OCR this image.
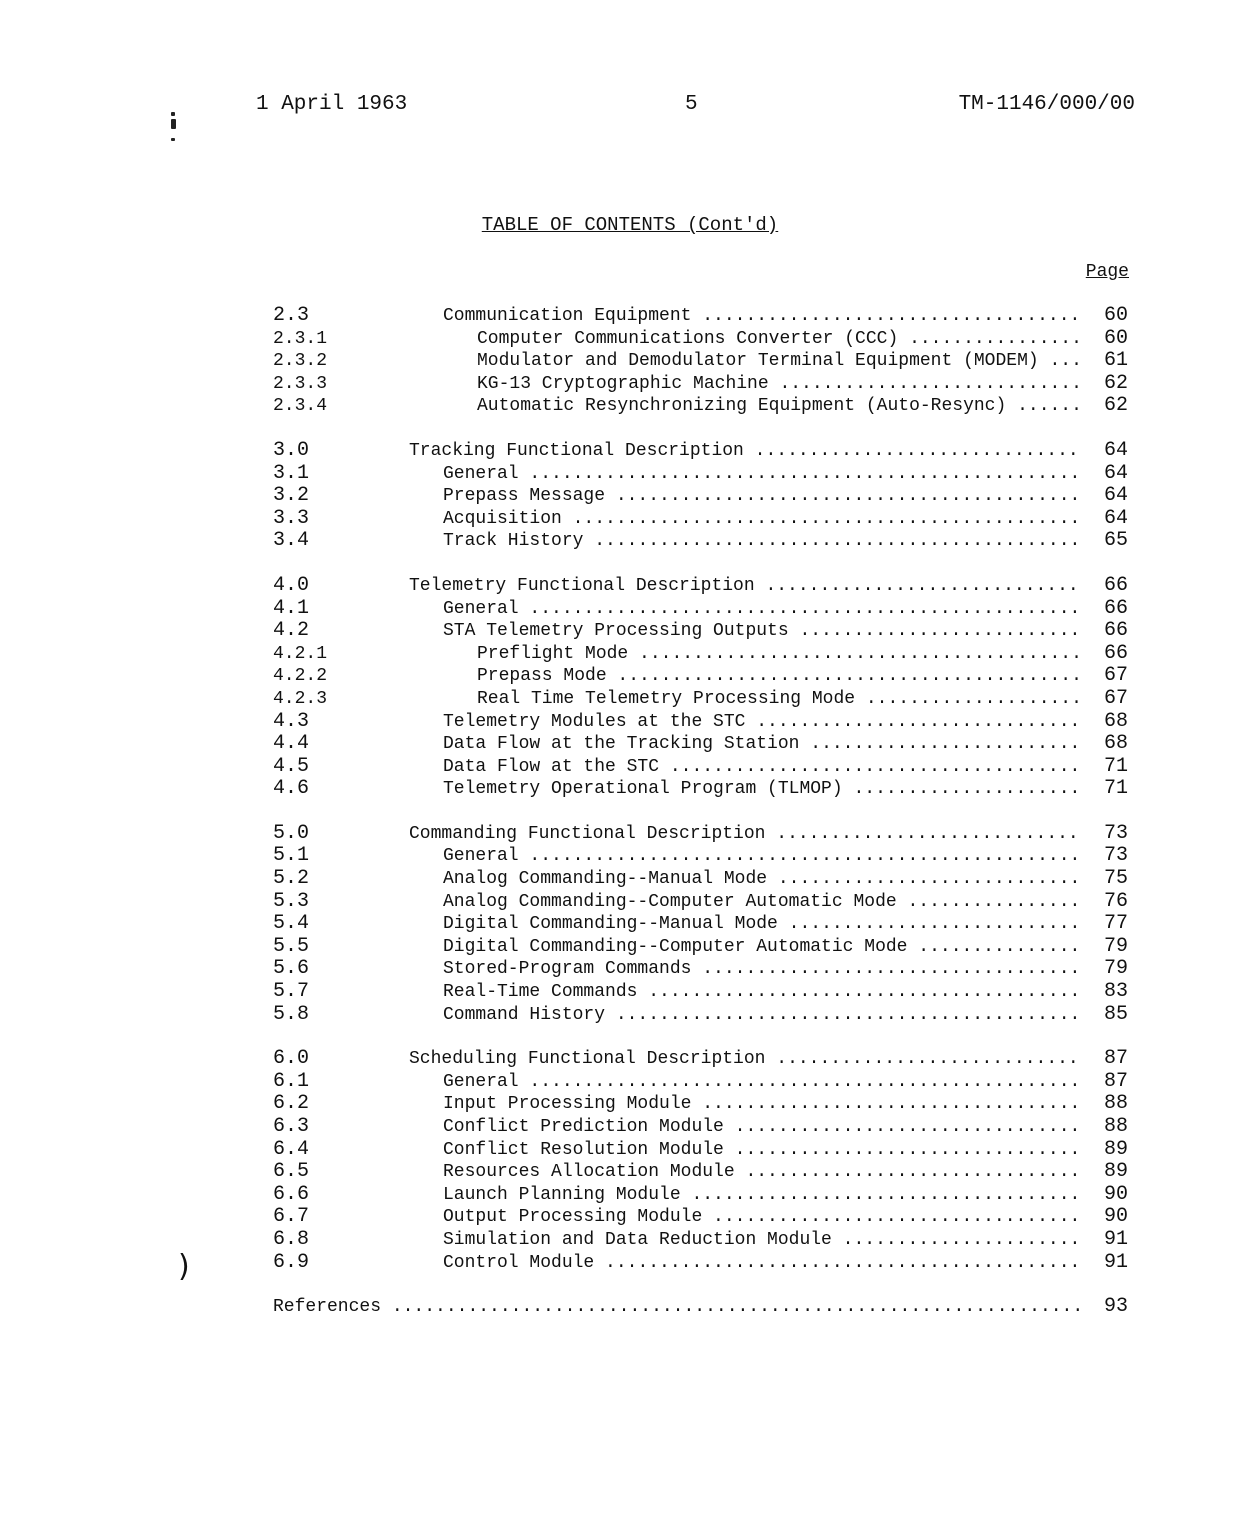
1 April 1963	5	TM-1146/000/00
)
TABLE OF CONTENTS (Cont'd)
Page
2.3	Communication Equipment .....	60
2.3.1	Computer Communications Converter (CCC) .....	60
2.3.2	Modulator and Demodulator Terminal Equipment (MODEM) .....	61
2.3.3	KG-13 Cryptographic Machine .....	62
2.3.4	Automatic Resynchronizing Equipment (Auto-Resync) .....	62
3.0	Tracking Functional Description .....	64
3.1	General .....	64
3.2	Prepass Message .....	64
3.3	Acquisition .....	64
3.4	Track History .....	65
4.0	Telemetry Functional Description .....	66
4.1	General .....	66
4.2	STA Telemetry Processing Outputs .....	66
4.2.1	Preflight Mode .....	66
4.2.2	Prepass Mode .....	67
4.2.3	Real Time Telemetry Processing Mode .....	67
4.3	Telemetry Modules at the STC .....	68
4.4	Data Flow at the Tracking Station .....	68
4.5	Data Flow at the STC .....	71
4.6	Telemetry Operational Program (TLMOP) .....	71
5.0	Commanding Functional Description .....	73
5.1	General .....	73
5.2	Analog Commanding--Manual Mode .....	75
5.3	Analog Commanding--Computer Automatic Mode .....	76
5.4	Digital Commanding--Manual Mode .....	77
5.5	Digital Commanding--Computer Automatic Mode .....	79
5.6	Stored-Program Commands .....	79
5.7	Real-Time Commands .....	83
5.8	Command History .....	85
6.0	Scheduling Functional Description .....	87
6.1	General .....	87
6.2	Input Processing Module .....	88
6.3	Conflict Prediction Module .....	88
6.4	Conflict Resolution Module .....	89
6.5	Resources Allocation Module .....	89
6.6	Launch Planning Module .....	90
6.7	Output Processing Module .....	90
6.8	Simulation and Data Reduction Module .....	91
6.9	Control Module .....	91
References .....	93
